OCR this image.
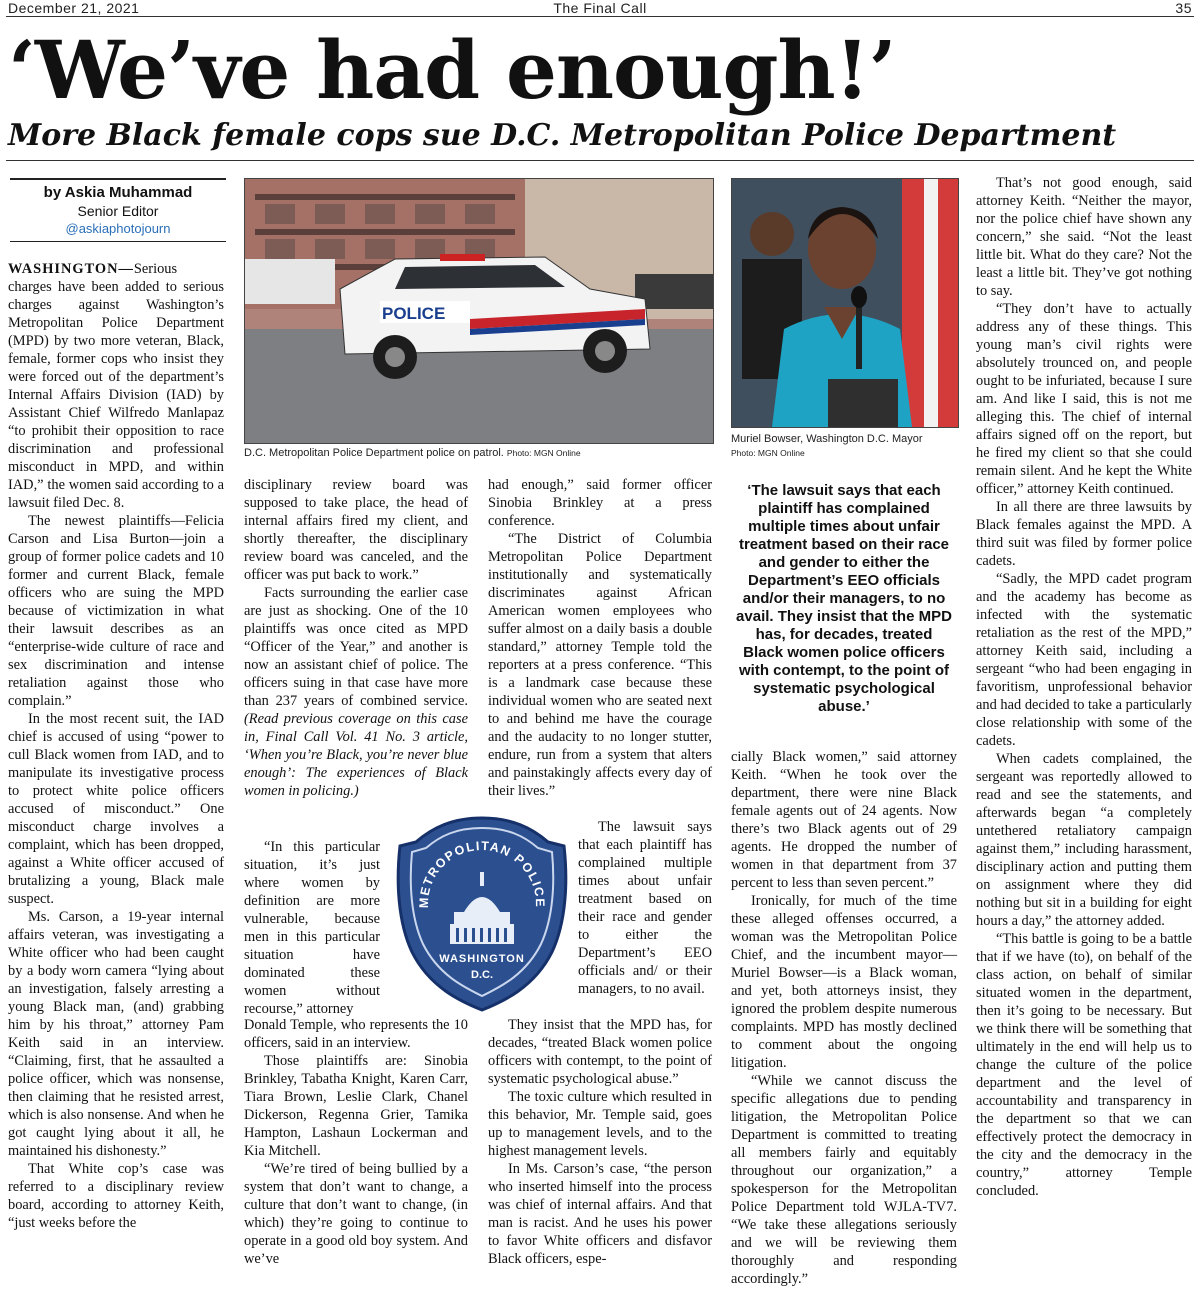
December 21, 2021	The Final Call	35
‘We’ve had enough!’
More Black female cops sue D.C. Metropolitan Police Department
by Askia Muhammad
Senior Editor
@askiaphotojourn

WASHINGTON—Serious charges have been added to serious charges against Washington’s Metropolitan Police Department (MPD) by two more veteran, Black, female, former cops who insist they were forced out of the department’s Internal Affairs Division (IAD) by Assistant Chief Wilfredo Manlapaz “to prohibit their opposition to race discrimination and professional misconduct in MPD, and within IAD,” the women said according to a lawsuit filed Dec. 8.

The newest plaintiffs—Felicia Carson and Lisa Burton—join a group of former police cadets and 10 former and current Black, female officers who are suing the MPD because of victimization in what their lawsuit describes as an “enterprise-wide culture of race and sex discrimination and intense retaliation against those who complain.”

In the most recent suit, the IAD chief is accused of using “power to cull Black women from IAD, and to manipulate its investigative process to protect white police officers accused of misconduct.” One misconduct charge involves a complaint, which has been dropped, against a White officer accused of brutalizing a young, Black male suspect.

Ms. Carson, a 19-year internal affairs veteran, was investigating a White officer who had been caught by a body worn camera “lying about an investigation, falsely arresting a young Black man, (and) grabbing him by his throat,” attorney Pam Keith said in an interview. “Claiming, first, that he assaulted a police officer, which was nonsense, then claiming that he resisted arrest, which is also nonsense. And when he got caught lying about it all, he maintained his dishonesty.”

That White cop’s case was referred to a disciplinary review board, according to attorney Keith, “just weeks before the

POLICE
D.C. Metropolitan Police Department police on patrol. Photo: MGN Online

disciplinary review board was supposed to take place, the head of internal affairs fired my client, and shortly thereafter, the disciplinary review board was canceled, and the officer was put back to work.”

Facts surrounding the earlier case are just as shocking. One of the 10 plaintiffs was once cited as MPD “Officer of the Year,” and another is now an assistant chief of police. The officers suing in that case have more than 237 years of combined service. (Read previous coverage on this case in, Final Call Vol. 41 No. 3 article, ‘When you’re Black, you’re never blue enough’: The experiences of Black women in policing.)

“In this particular situation, it’s just where women by definition are more vulnerable, because men in this particular situation have dominated these women without recourse,” attorney

Donald Temple, who represents the 10 officers, said in an interview.

Those plaintiffs are: Sinobia Brinkley, Tabatha Knight, Karen Carr, Tiara Brown, Leslie Clark, Chanel Dickerson, Regenna Grier, Tamika Hampton, Lashaun Lockerman and Kia Mitchell.

“We’re tired of being bullied by a system that don’t want to change, a culture that don’t want to change, (in which) they’re going to continue to operate in a good old boy system. And we’ve

had enough,” said former officer Sinobia Brinkley at a press conference.

“The District of Columbia Metropolitan Police Department institutionally and systematically discriminates against African American women employees who suffer almost on a daily basis a double standard,” attorney Temple told the reporters at a press conference. “This is a landmark case because these individual women who are seated next to and behind me have the courage and the audacity to no longer stutter, endure, run from a system that alters and painstakingly affects every day of their lives.”

The lawsuit says that each plaintiff has complained multiple times about unfair treatment based on their race and gender to either the Department’s EEO officials and/ or their managers, to no avail.

They insist that the MPD has, for decades, “treated Black women police officers with contempt, to the point of systematic psychological abuse.”

The toxic culture which resulted in this behavior, Mr. Temple said, goes up to management levels, and to the highest management levels.

In Ms. Carson’s case, “the person who inserted himself into the process was chief of internal affairs. And that man is racist. And he uses his power to favor White officers and disfavor Black officers, espe-

METROPOLITAN POLICE
WASHINGTON
D.C.
Muriel Bowser, Washington D.C. Mayor
Photo: MGN Online
‘The lawsuit says that each plaintiff has complained multiple times about unfair treatment based on their race and gender to either the Department’s EEO officials and/or their managers, to no avail. They insist that the MPD has, for decades, treated Black women police officers with contempt, to the point of systematic psychological abuse.’

cially Black women,” said attorney Keith. “When he took over the department, there were nine Black female agents out of 24 agents. Now there’s two Black agents out of 29 agents. He dropped the number of women in that department from 37 percent to less than seven percent.”

Ironically, for much of the time these alleged offenses occurred, a woman was the Metropolitan Police Chief, and the incumbent mayor—Muriel Bowser—is a Black woman, and yet, both attorneys insist, they ignored the problem despite numerous complaints. MPD has mostly declined to comment about the ongoing litigation.

“While we cannot discuss the specific allegations due to pending litigation, the Metropolitan Police Department is committed to treating all members fairly and equitably throughout our organization,” a spokesperson for the Metropolitan Police Department told WJLA-TV7. “We take these allegations seriously and we will be reviewing them thoroughly and responding accordingly.”

That’s not good enough, said attorney Keith. “Neither the mayor, nor the police chief have shown any concern,” she said. “Not the least little bit. What do they care? Not the least a little bit. They’ve got nothing to say.

“They don’t have to actually address any of these things. This young man’s civil rights were absolutely trounced on, and people ought to be infuriated, because I sure am. And like I said, this is not me alleging this. The chief of internal affairs signed off on the report, but he fired my client so that she could remain silent. And he kept the White officer,” attorney Keith continued.

In all there are three lawsuits by Black females against the MPD. A third suit was filed by former police cadets.

“Sadly, the MPD cadet program and the academy has become as infected with the systematic retaliation as the rest of the MPD,” attorney Keith said, including a sergeant “who had been engaging in favoritism, unprofessional behavior and had decided to take a particularly close relationship with some of the cadets.

When cadets complained, the sergeant was reportedly allowed to read and see the statements, and afterwards began “a completely untethered retaliatory campaign against them,” including harassment, disciplinary action and putting them on assignment where they did nothing but sit in a building for eight hours a day,” the attorney added.

“This battle is going to be a battle that if we have (to), on behalf of the class action, on behalf of similar situated women in the department, then it’s going to be necessary. But we think there will be something that ultimately in the end will help us to change the culture of the police department and the level of accountability and transparency in the department so that we can effectively protect the democracy in the city and the democracy in the country,” attorney Temple concluded.
